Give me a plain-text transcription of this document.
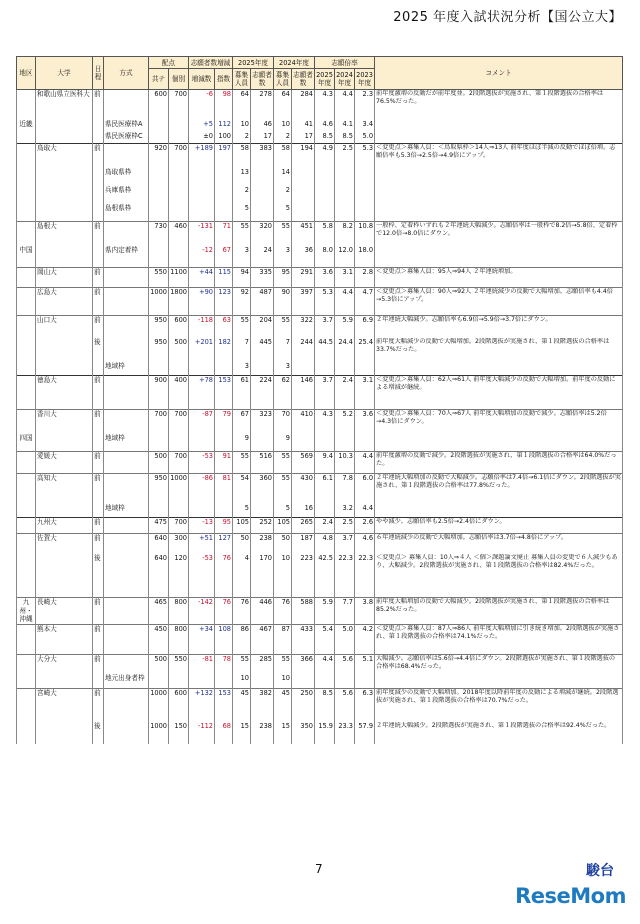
2025 年度入試状況分析【国公立大】
地区	大学	日程	方式	配点		志願者数増減		2025年度		2024年度		志願倍率			コメント
				共テ	個別	増減数	指数	募集人員	志願者数	募集人員	志願者数	2025年度	2024年度	2023年度	
	和歌山県立医科大	前		600	700	-6	98	64	278	64	284	4.3	4.4	2.3	前年度激増の反動だが前年度並。2段階選抜が実施され、第１段階選抜の合格率は76.5%だった。
近畿			県民医療枠A			+5	112	10	46	10	41	4.6	4.1	3.4	
			県民医療枠C			±0	100	2	17	2	17	8.5	8.5	5.0	
	鳥取大	前		920	700	+189	197	58	383	58	194	4.9	2.5	5.3	＜変更点＞募集人員：＜鳥取県枠＞14人⇒13人 前年度ほぼ半減の反動でほぼ倍増。志願倍率も5.3倍→2.5倍→4.9倍にアップ。
			鳥取県枠					13		14					
			兵庫県枠					2		2					
			島根県枠					5		5					
	島根大	前		730	460	-131	71	55	320	55	451	5.8	8.2	10.8	一般枠、定着枠いずれも２年連続大幅減少。志願倍率は一般枠で8.2倍→5.8倍、定着枠で12.0倍→8.0倍にダウン。
中国			県内定着枠			-12	67	3	24	3	36	8.0	12.0	18.0	
	岡山大	前		550	1100	+44	115	94	335	95	291	3.6	3.1	2.8	＜変更点＞募集人員：95人⇒94人 ２年連続増加。
	広島大	前		1000	1800	+90	123	92	487	90	397	5.3	4.4	4.7	＜変更点＞募集人員：90人⇒92人 ２年連続減少の反動で大幅増加。志願倍率も4.4倍→5.3倍にアップ。
	山口大	前		950	600	-118	63	55	204	55	322	3.7	5.9	6.9	２年連続大幅減少。志願倍率も6.9倍→5.9倍→3.7倍にダウン。
		後		950	500	+201	182	7	445	7	244	44.5	24.4	25.4	前年度大幅減少の反動で大幅増加。2段階選抜が実施され、第１段階選抜の合格率は33.7%だった。
			地域枠					3		3					
	徳島大	前		900	400	+78	153	61	224	62	146	3.7	2.4	3.1	＜変更点＞募集人員：62人⇒61人 前年度大幅減少の反動で大幅増加。前年度の反動による増減が継続。
	香川大	前		700	700	-87	79	67	323	70	410	4.3	5.2	3.6	＜変更点＞募集人員：70人⇒67人 前年度大幅増加の反動で減少。志願倍率は5.2倍→4.3倍にダウン。
四国			地域枠					9		9					
	愛媛大	前		500	700	-53	91	55	516	55	569	9.4	10.3	4.4	前年度激増の反動で減少。2段階選抜が実施され、第１段階選抜の合格率は64.0%だった。
	高知大	前		950	1000	-86	81	54	360	55	430	6.1	7.8	6.0	２年連続大幅増加の反動で大幅減少。志願倍率は7.4倍→6.1倍にダウン。2段階選抜が実施され、第１段階選抜の合格率は77.8%だった。
			地域枠					5		5	16		3.2	4.4	
	九州大	前		475	700	-13	95	105	252	105	265	2.4	2.5	2.6	やや減少。志願倍率も2.5倍→2.4倍にダウン。
	佐賀大	前		640	300	+51	127	50	238	50	187	4.8	3.7	4.6	６年連続減少の反動で大幅増加。志願倍率は3.7倍→4.8倍にアップ。
		後		640	120	-53	76	4	170	10	223	42.5	22.3	22.3	＜変更点＞ 募集人員：10人⇒４人 ＜個＞課題論文廃止 募集人員の変更で６人減少もあり、大幅減少。2段階選抜が実施され、第１段階選抜の合格率は82.4%だった。
九州・沖縄	長崎大	前		465	800	-142	76	76	446	76	588	5.9	7.7	3.8	前年度大幅増加の反動で大幅減少。2段階選抜が実施され、第１段階選抜の合格率は85.2%だった。
	熊本大	前		450	800	+34	108	86	467	87	433	5.4	5.0	4.2	＜変更点＞募集人員：87人⇒86人 前年度大幅増加に引き続き増加。2段階選抜が実施され、第１段階選抜の合格率は74.1%だった。
	大分大	前		500	550	-81	78	55	285	55	366	4.4	5.6	5.1	大幅減少。志願倍率は5.6倍→4.4倍にダウン。2段階選抜が実施され、第１段階選抜の合格率は68.4%だった。
			地元出身者枠					10		10					
	宮崎大	前		1000	600	+132	153	45	382	45	250	8.5	5.6	6.3	前年度減少の反動で大幅増加。2018年度以降前年度の反動による増減が継続。2段階選抜が実施され、第１段階選抜の合格率は70.7%だった。
		後		1000	150	-112	68	15	238	15	350	15.9	23.3	57.9	２年連続大幅減少。2段階選抜が実施され、第１段階選抜の合格率は92.4%だった。
7	駿台
ReseMom
